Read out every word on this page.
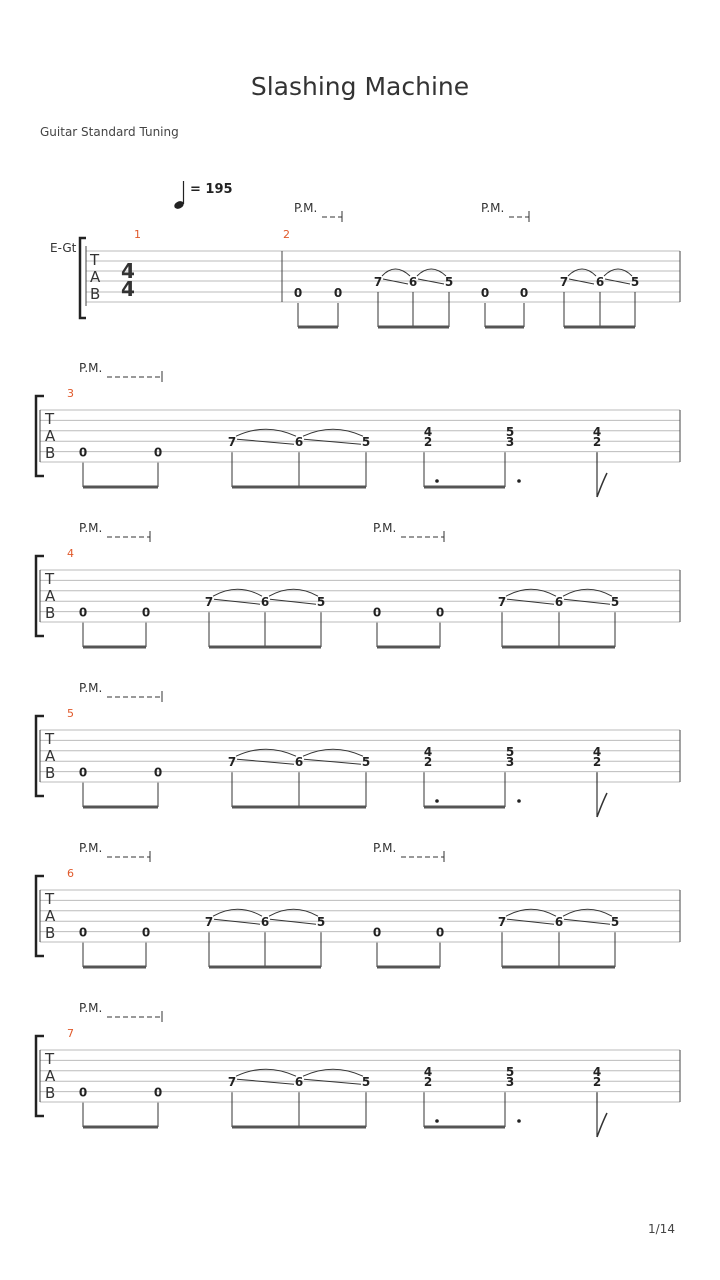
Slashing Machine
Guitar Standard Tuning
= 195
E-Gt
T
A
B
4
4
1	2
P.M.	P.M.
0	0
7 6 5
0	0
7 6 5
T
A
B
3
P.M.
0	0
7	6	5
4
2
5
3
4
2
T
A
B
4
P.M.	P.M.
0	0
7	6	5
0	0
7	6	5
T
A
B
5
P.M.
0	0
7	6	5
4
2
5
3
4
2
T
A
B
6
P.M.	P.M.
0	0
7	6	5
0	0
7	6	5
T
A
B
7
P.M.
0	0
7	6	5
4
2
5
3
4
2
1/14
